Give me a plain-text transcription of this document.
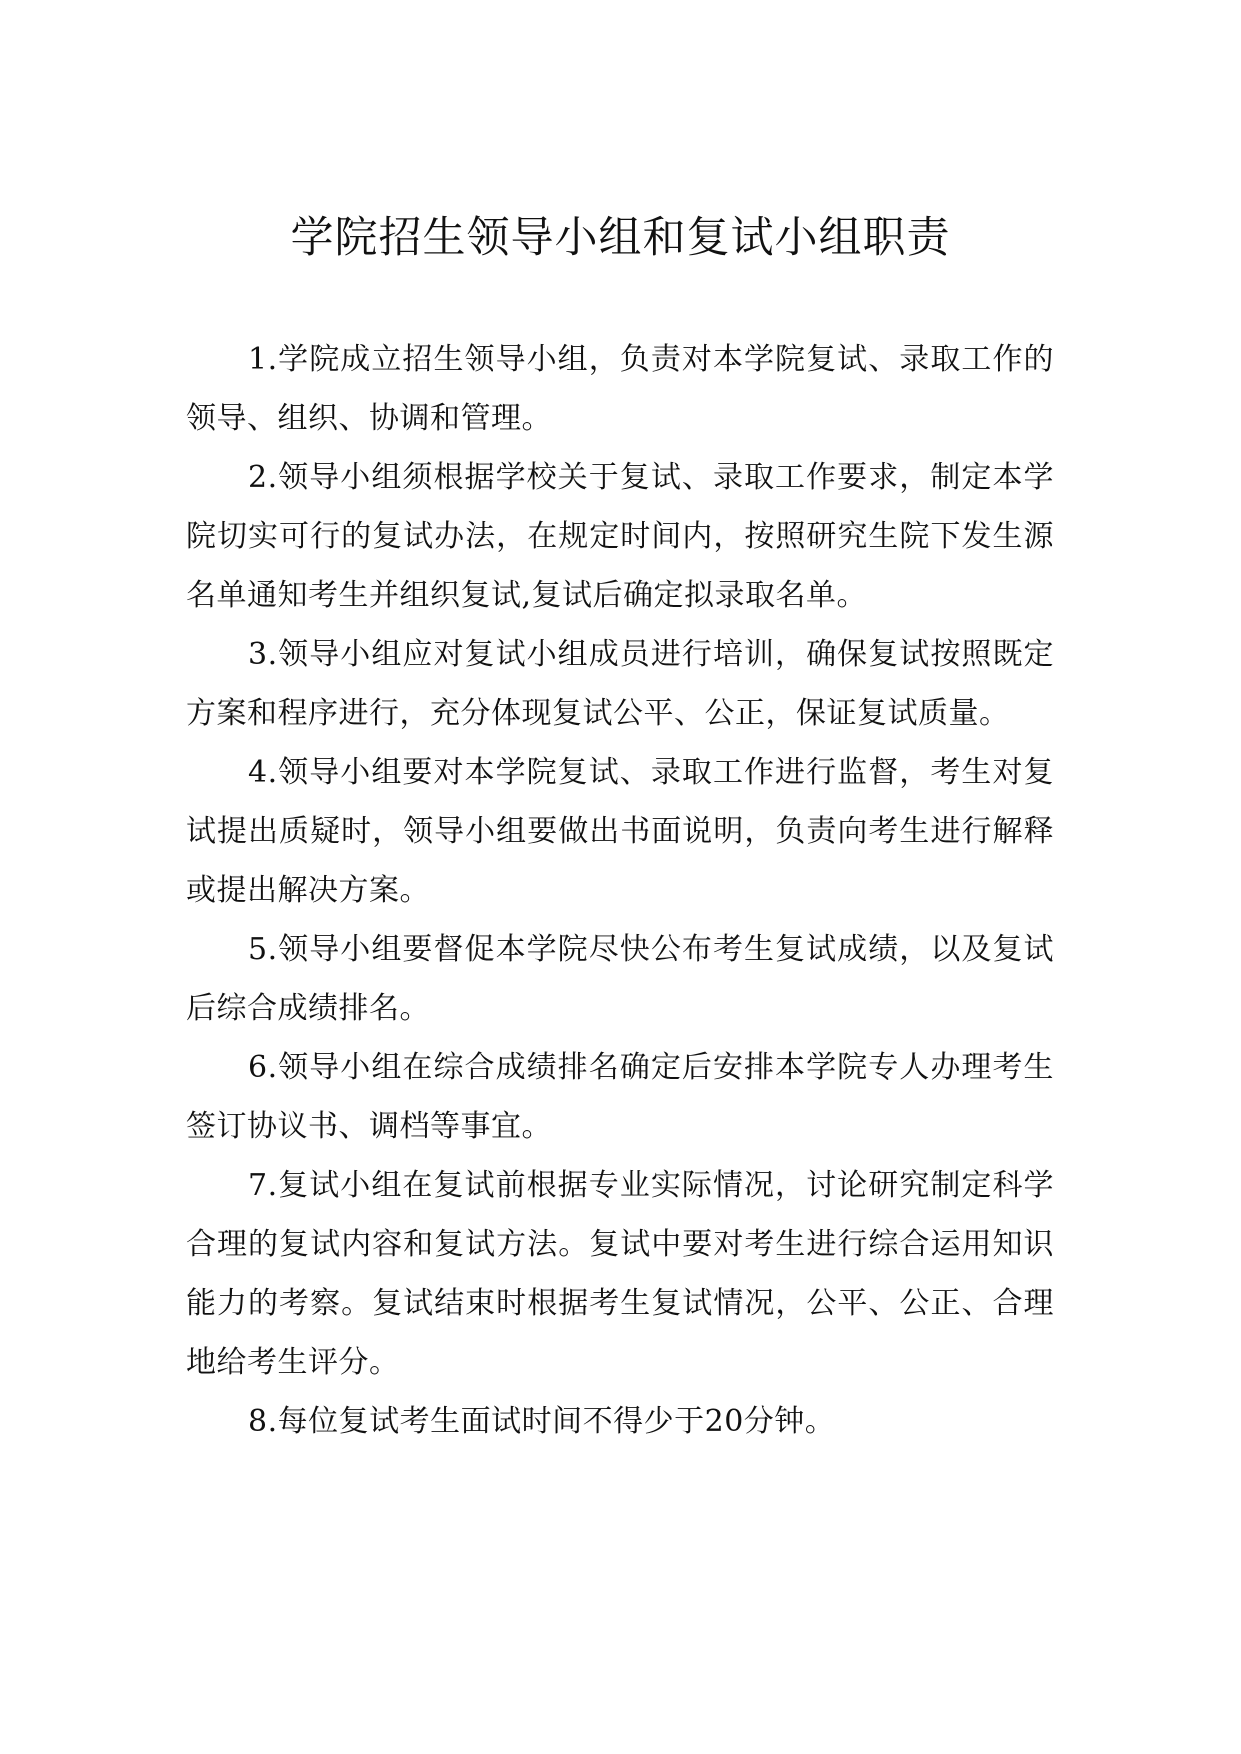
学院招生领导小组和复试小组职责

1.学院成立招生领导小组，负责对本学院复试、录取工作的领导、组织、协调和管理。

2.领导小组须根据学校关于复试、录取工作要求，制定本学院切实可行的复试办法，在规定时间内，按照研究生院下发生源名单通知考生并组织复试,复试后确定拟录取名单。

3.领导小组应对复试小组成员进行培训，确保复试按照既定方案和程序进行，充分体现复试公平、公正，保证复试质量。

4.领导小组要对本学院复试、录取工作进行监督，考生对复试提出质疑时，领导小组要做出书面说明，负责向考生进行解释或提出解决方案。

5.领导小组要督促本学院尽快公布考生复试成绩，以及复试后综合成绩排名。

6.领导小组在综合成绩排名确定后安排本学院专人办理考生签订协议书、调档等事宜。

7.复试小组在复试前根据专业实际情况，讨论研究制定科学合理的复试内容和复试方法。复试中要对考生进行综合运用知识能力的考察。复试结束时根据考生复试情况，公平、公正、合理地给考生评分。

8.每位复试考生面试时间不得少于20分钟。
